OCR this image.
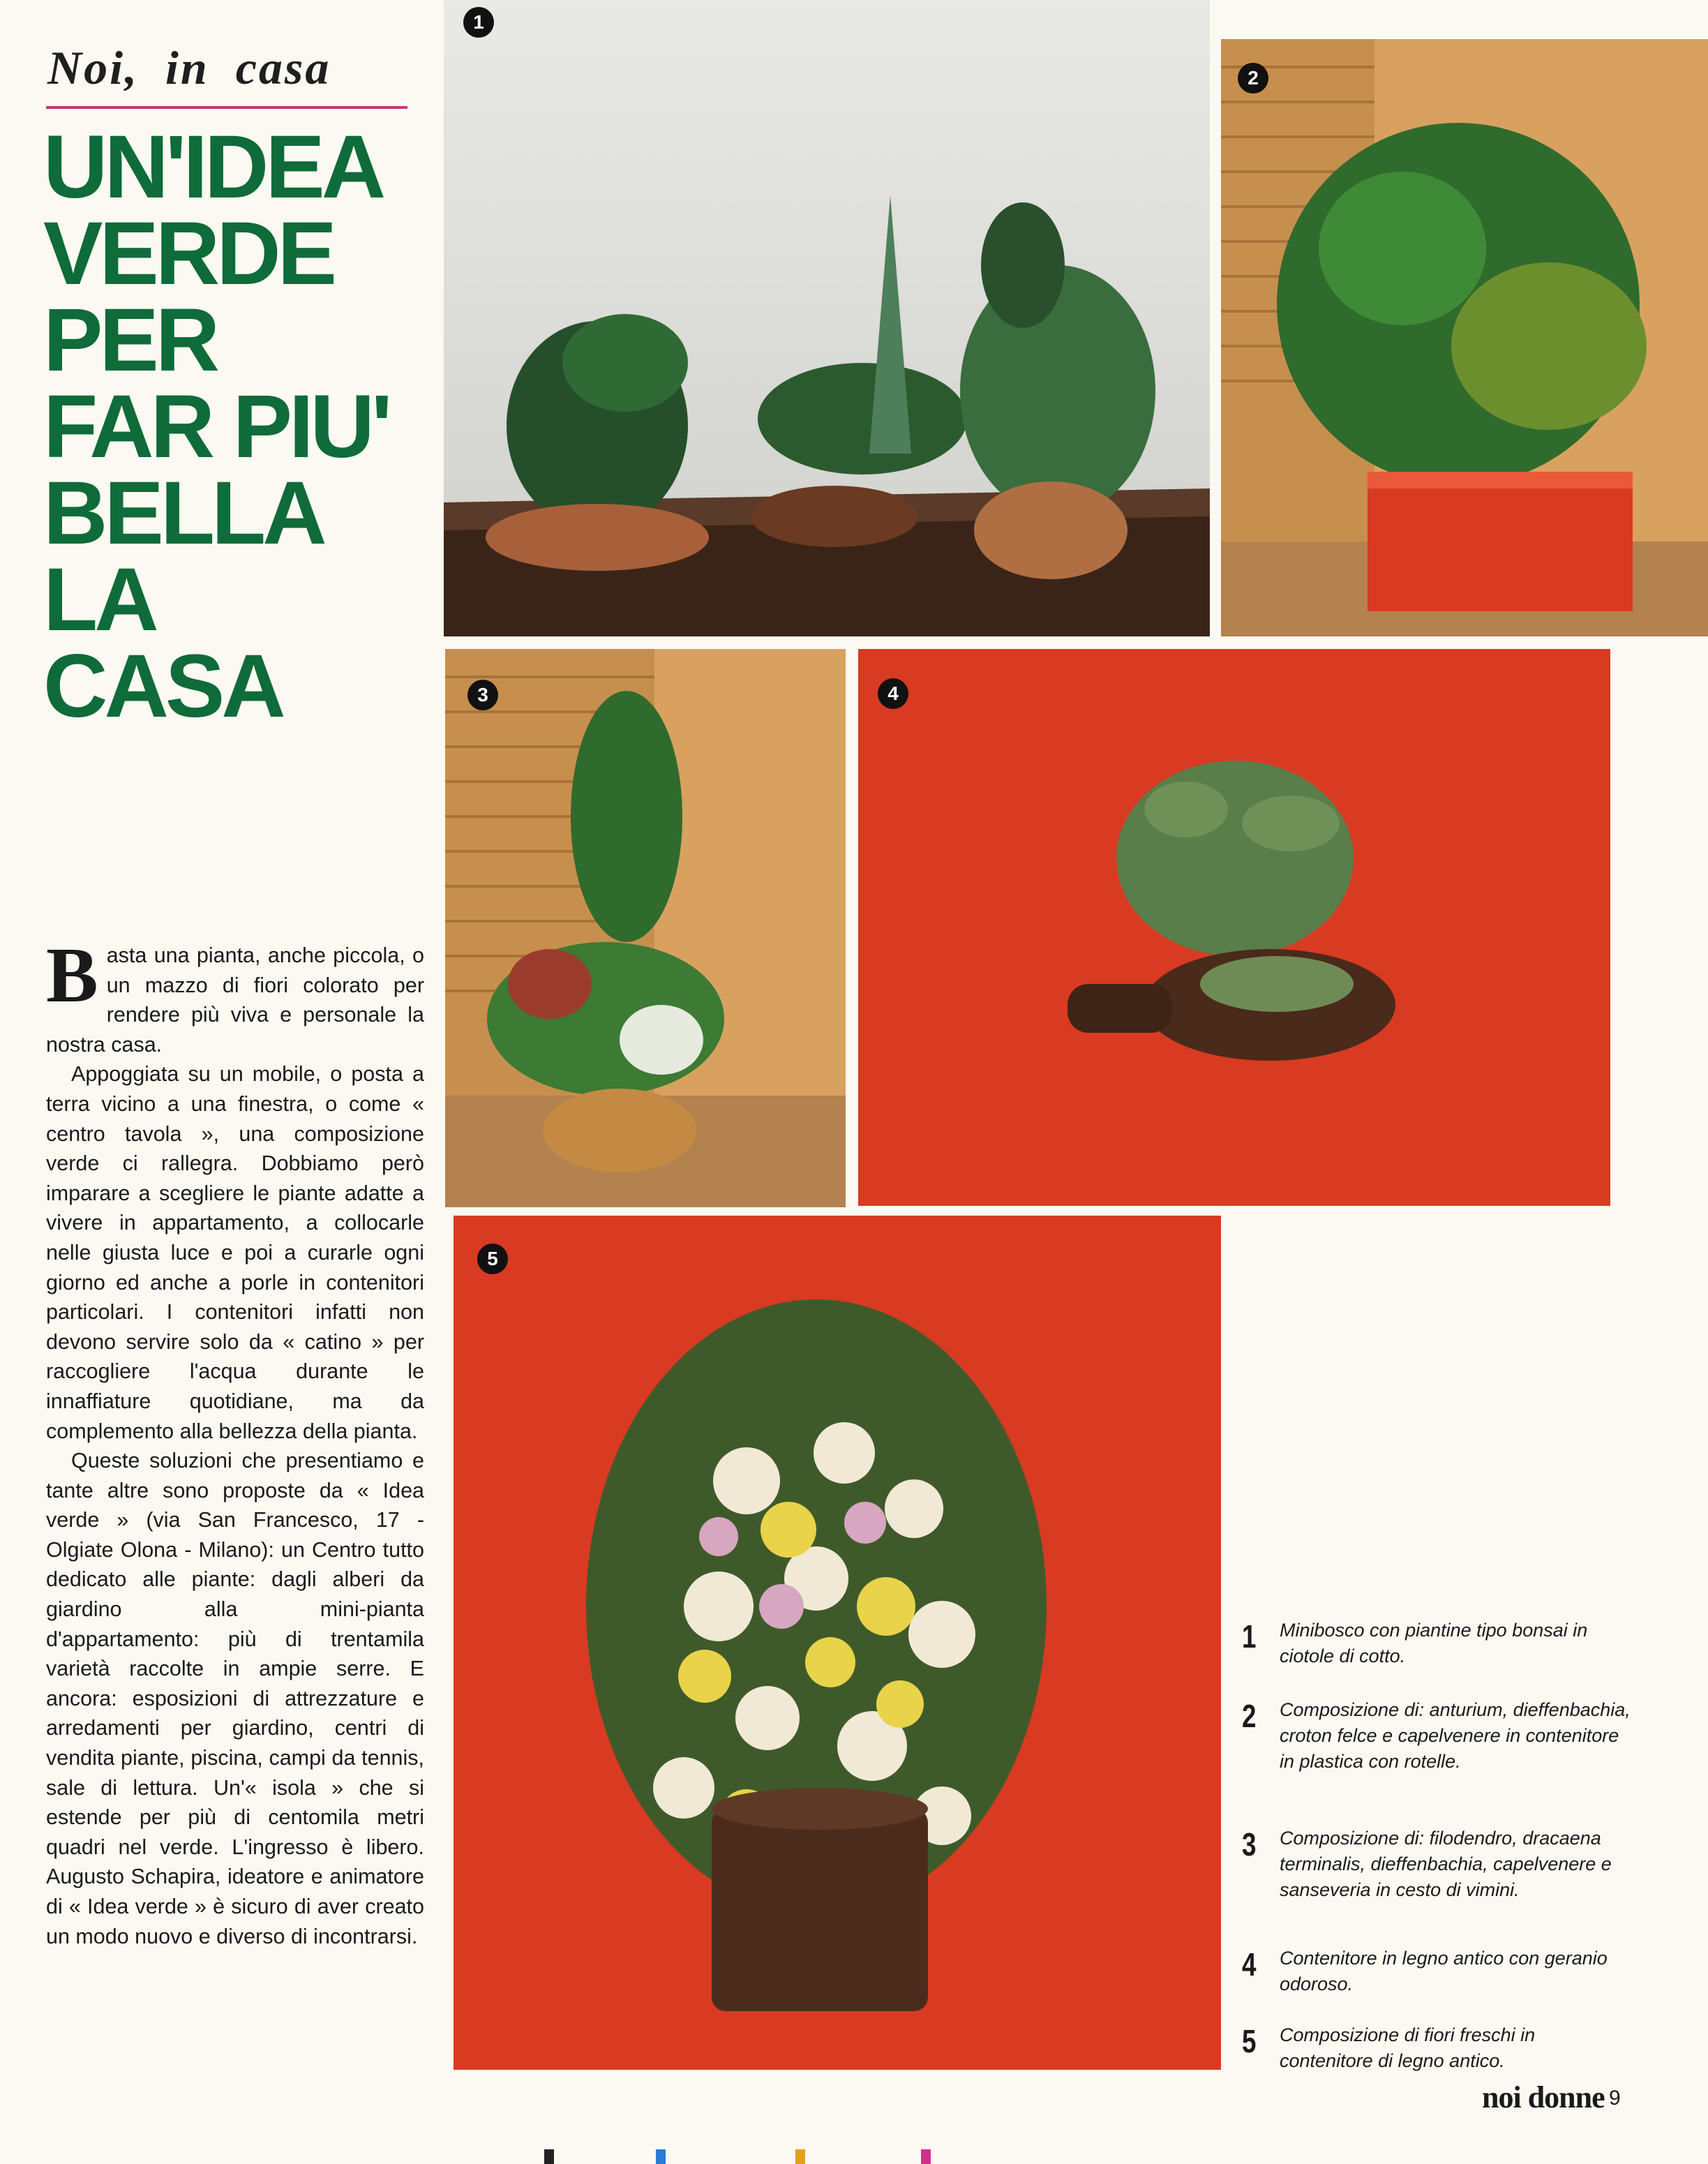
Noi, in casa
UN'IDEA
VERDE
PER
FAR PIU'
BELLA
LA
CASA

Basta una pianta, anche piccola, o un mazzo di fiori colorato per rendere più viva e personale la nostra casa.

Appoggiata su un mobile, o posta a terra vicino a una finestra, o come « centro tavola », una composizione verde ci rallegra. Dobbiamo però imparare a scegliere le piante adatte a vivere in appartamento, a collocarle nelle giusta luce e poi a curarle ogni giorno ed anche a porle in contenitori particolari. I contenitori infatti non devono servire solo da « catino » per raccogliere l'acqua durante le innaffiature quotidiane, ma da complemento alla bellezza della pianta.

Queste soluzioni che presentiamo e tante altre sono proposte da « Idea verde » (via San Francesco, 17 - Olgiate Olona - Milano): un Centro tutto dedicato alle piante: dagli alberi da giardino alla mini-pianta d'appartamento: più di trentamila varietà raccolte in ampie serre. E ancora: esposizioni di attrezzature e arredamenti per giardino, centri di vendita piante, piscina, campi da tennis, sale di lettura. Un'« isola » che si estende per più di centomila metri quadri nel verde. L'ingresso è libero. Augusto Schapira, ideatore e animatore di « Idea verde » è sicuro di aver creato un modo nuovo e diverso di incontrarsi.

1
2
3	4
5
1 Minibosco con piantine tipo bonsai in ciotole di cotto.
2 Composizione di: anturium, dieffenbachia, croton felce e capelvenere in contenitore in plastica con rotelle.
3 Composizione di: filodendro, dracaena terminalis, dieffenbachia, capelvenere e sanseveria in cesto di vimini.
4 Contenitore in legno antico con geranio odoroso.
5 Composizione di fiori freschi in contenitore di legno antico.
noi donne 9
